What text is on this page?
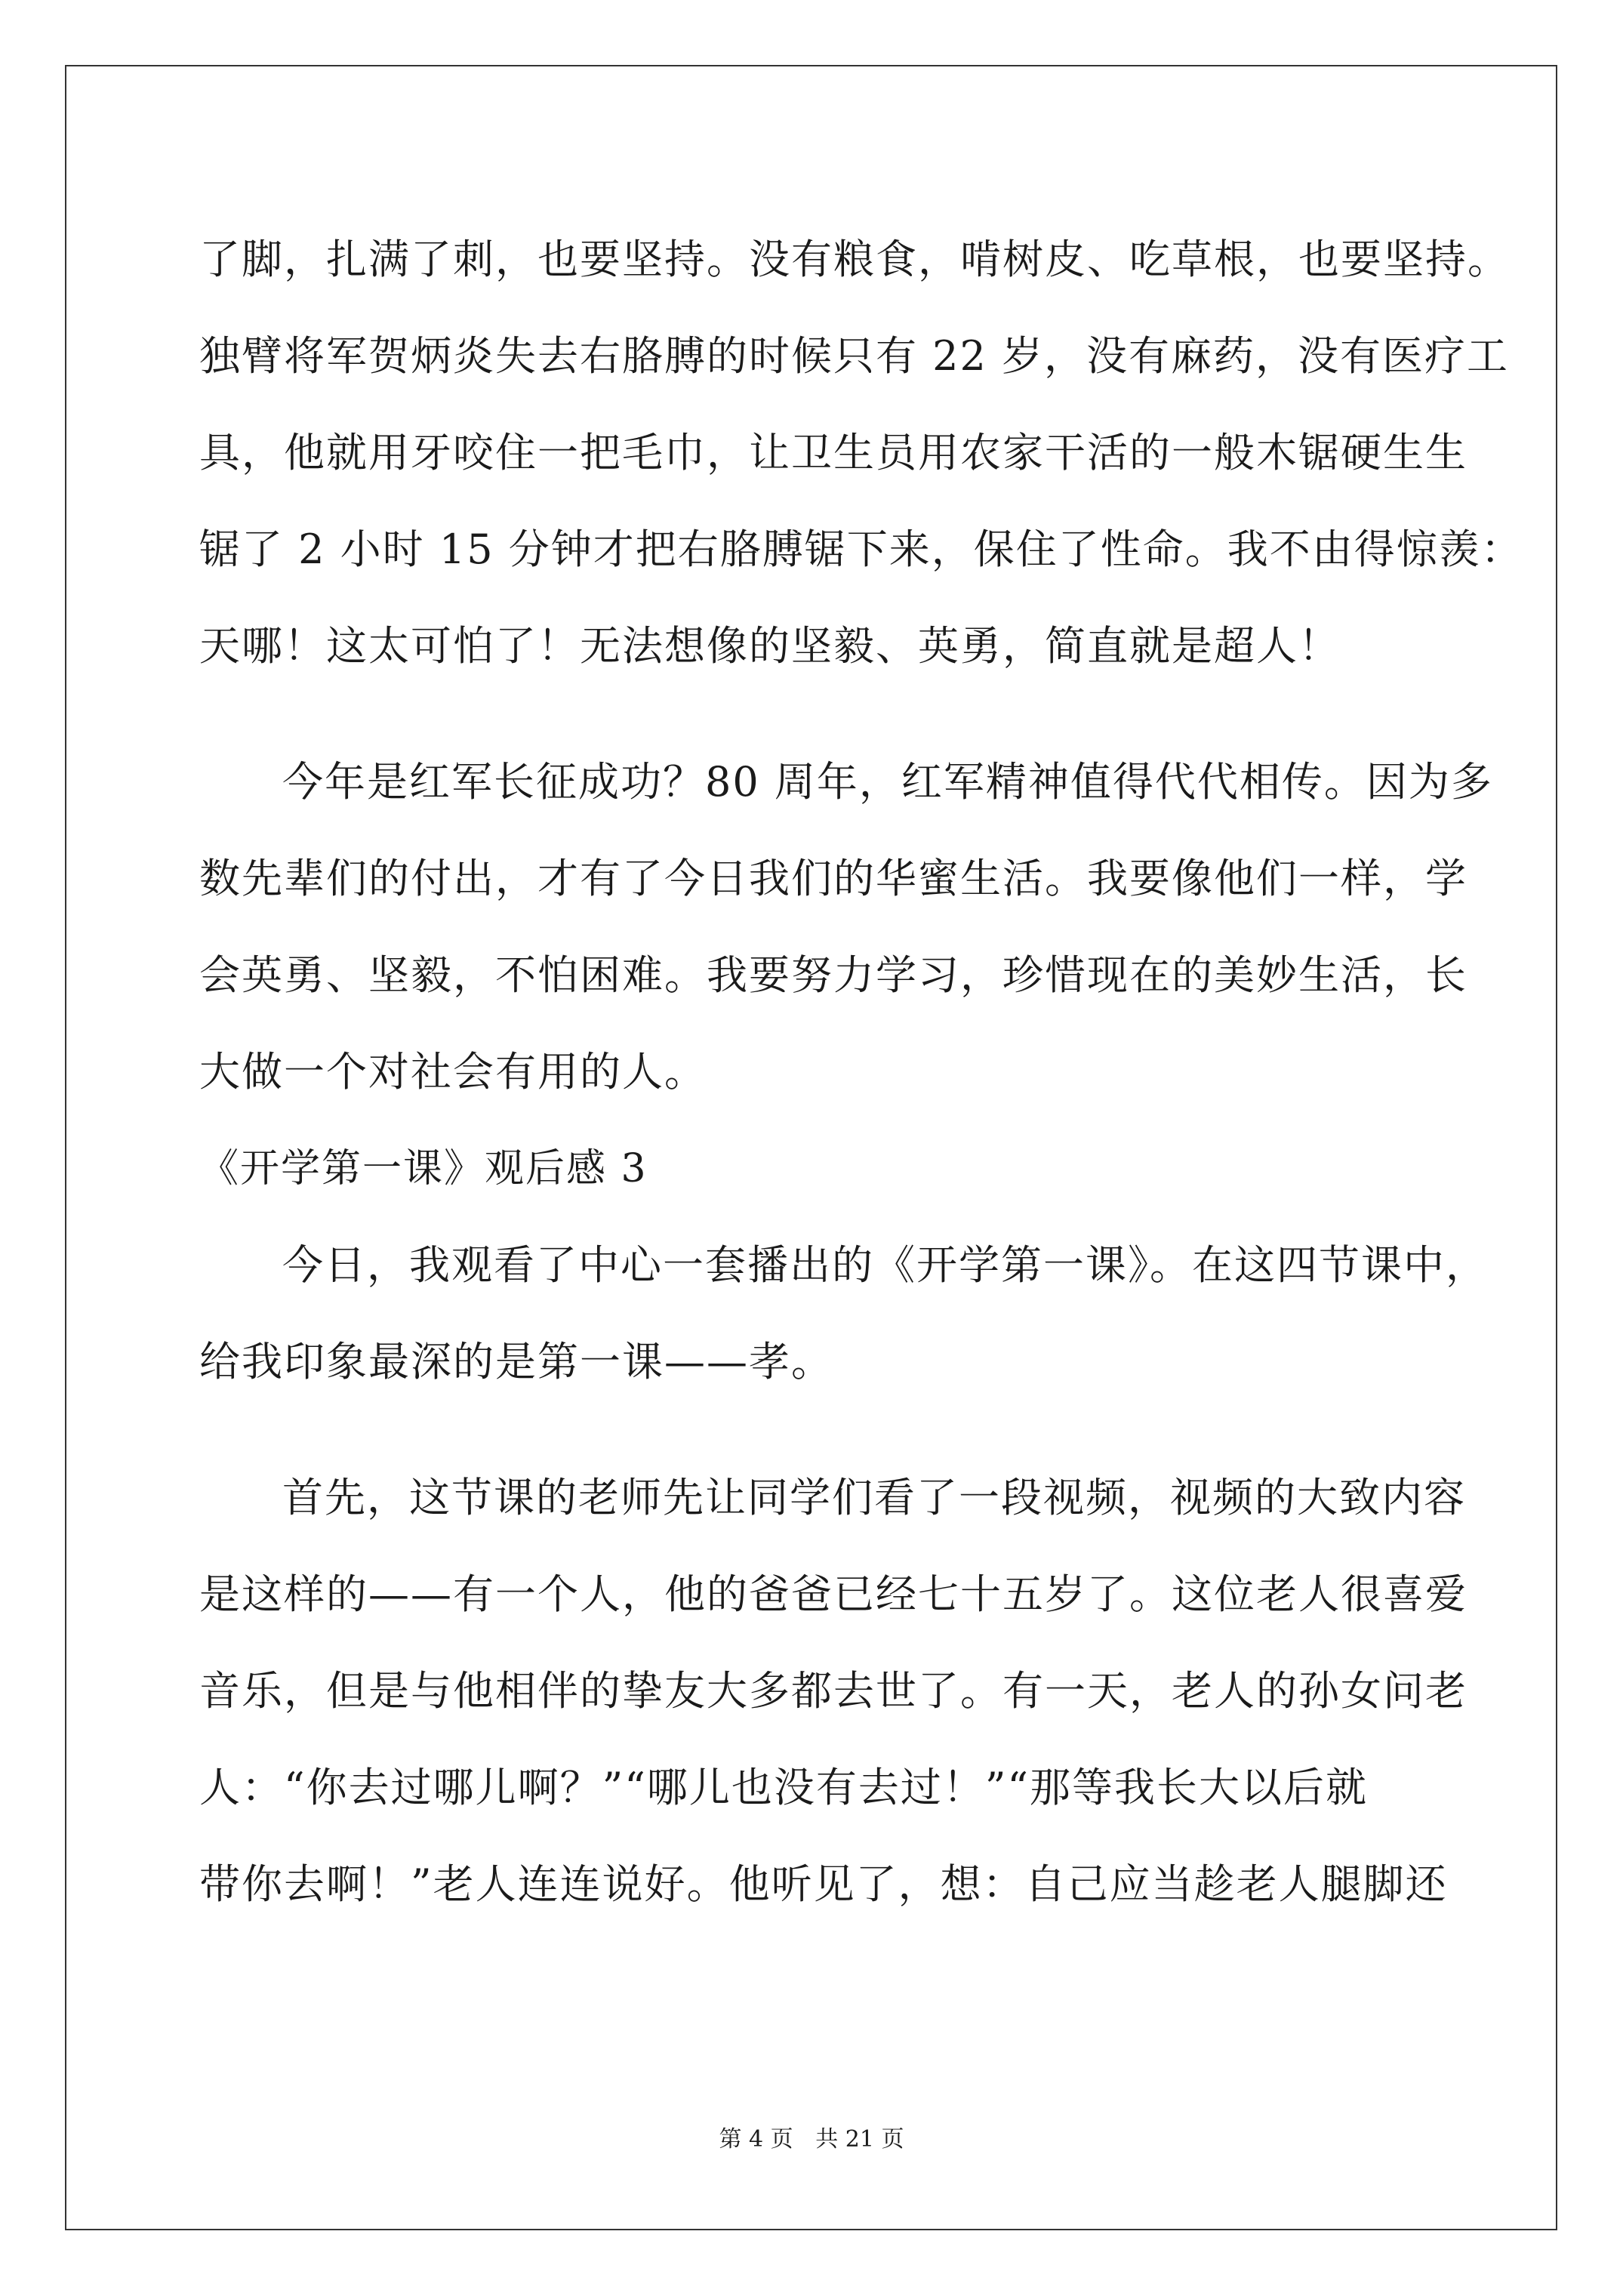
了脚，扎满了刺，也要坚持。没有粮食，啃树皮、吃草根，也要坚持。
独臂将军贺炳炎失去右胳膊的时候只有 22 岁，没有麻药，没有医疗工
具，他就用牙咬住一把毛巾，让卫生员用农家干活的一般木锯硬生生
锯了 2 小时 15 分钟才把右胳膊锯下来，保住了性命。我不由得惊羡：
天哪！这太可怕了！无法想像的坚毅、英勇，简直就是超人！
今年是红军长征成功？80 周年，红军精神值得代代相传。因为多
数先辈们的付出，才有了今日我们的华蜜生活。我要像他们一样，学
会英勇、坚毅，不怕困难。我要努力学习，珍惜现在的美妙生活，长
大做一个对社会有用的人。
《开学第一课》观后感 3
今日，我观看了中心一套播出的《开学第一课》。在这四节课中，
给我印象最深的是第一课——孝。
首先，这节课的老师先让同学们看了一段视频，视频的大致内容
是这样的——有一个人，他的爸爸已经七十五岁了。这位老人很喜爱
音乐，但是与他相伴的挚友大多都去世了。有一天，老人的孙女问老
人：“你去过哪儿啊？”“哪儿也没有去过！”“那等我长大以后就
带你去啊！”老人连连说好。他听见了，想：自己应当趁老人腿脚还
第 4 页 共 21 页
